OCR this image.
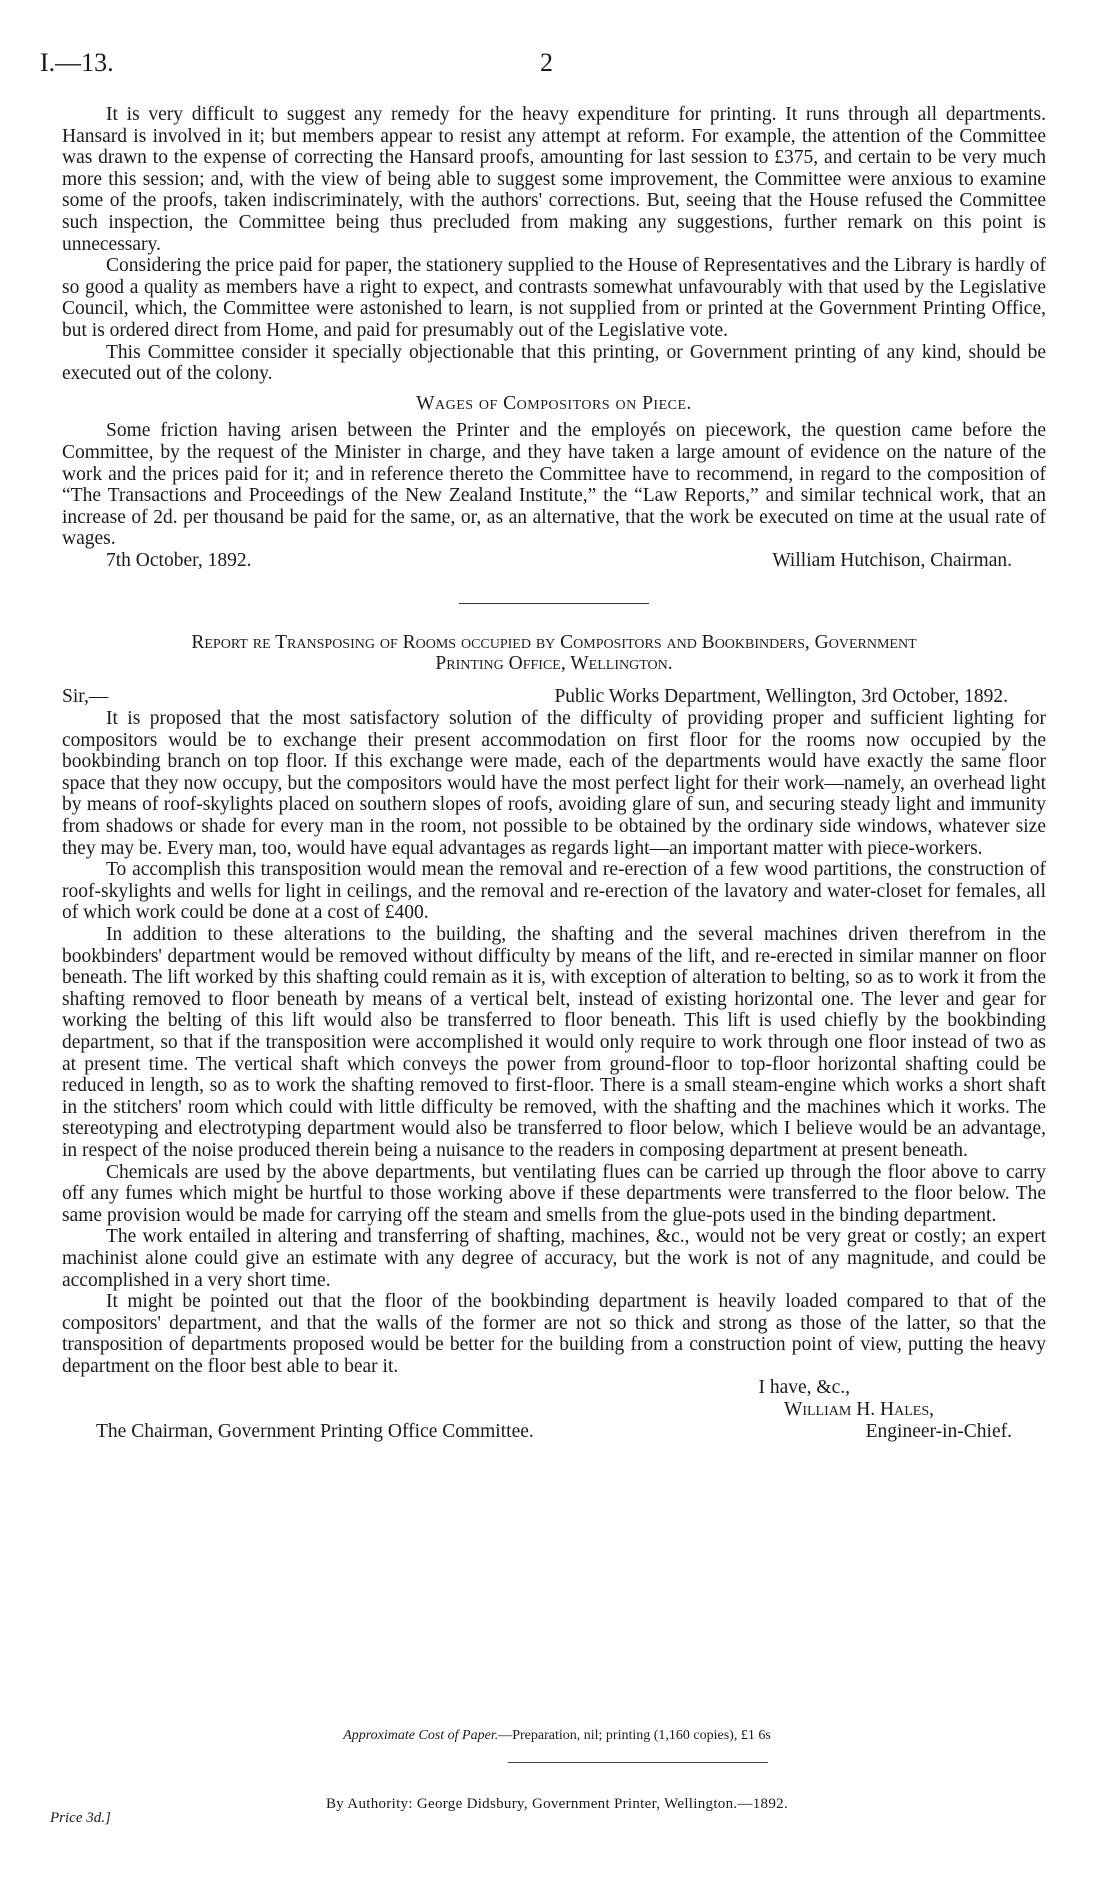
I.—13.	2

It is very difficult to suggest any remedy for the heavy expenditure for printing. It runs through all departments. Hansard is involved in it; but members appear to resist any attempt at reform. For example, the attention of the Committee was drawn to the expense of correcting the Hansard proofs, amounting for last session to £375, and certain to be very much more this session; and, with the view of being able to suggest some improvement, the Committee were anxious to examine some of the proofs, taken indiscriminately, with the authors' corrections. But, seeing that the House refused the Committee such inspection, the Committee being thus precluded from making any suggestions, further remark on this point is unnecessary.

Considering the price paid for paper, the stationery supplied to the House of Representatives and the Library is hardly of so good a quality as members have a right to expect, and contrasts somewhat unfavourably with that used by the Legislative Council, which, the Committee were astonished to learn, is not supplied from or printed at the Government Printing Office, but is ordered direct from Home, and paid for presumably out of the Legislative vote.

This Committee consider it specially objectionable that this printing, or Government printing of any kind, should be executed out of the colony.

Wages of Compositors on Piece.

Some friction having arisen between the Printer and the employés on piecework, the question came before the Committee, by the request of the Minister in charge, and they have taken a large amount of evidence on the nature of the work and the prices paid for it; and in reference thereto the Committee have to recommend, in regard to the composition of “The Transactions and Proceedings of the New Zealand Institute,” the “Law Reports,” and similar technical work, that an increase of 2d. per thousand be paid for the same, or, as an alternative, that the work be executed on time at the usual rate of wages.

7th October, 1892.	William Hutchison, Chairman.
Report re Transposing of Rooms occupied by Compositors and Bookbinders, Government
Printing Office, Wellington.
Sir,—	Public Works Department, Wellington, 3rd October, 1892.

It is proposed that the most satisfactory solution of the difficulty of providing proper and sufficient lighting for compositors would be to exchange their present accommodation on first floor for the rooms now occupied by the bookbinding branch on top floor. If this exchange were made, each of the departments would have exactly the same floor space that they now occupy, but the compositors would have the most perfect light for their work—namely, an overhead light by means of roof-skylights placed on southern slopes of roofs, avoiding glare of sun, and securing steady light and immunity from shadows or shade for every man in the room, not possible to be obtained by the ordinary side windows, whatever size they may be. Every man, too, would have equal advantages as regards light—an important matter with piece-workers.

To accomplish this transposition would mean the removal and re-erection of a few wood partitions, the construction of roof-skylights and wells for light in ceilings, and the removal and re-erection of the lavatory and water-closet for females, all of which work could be done at a cost of £400.

In addition to these alterations to the building, the shafting and the several machines driven therefrom in the bookbinders' department would be removed without difficulty by means of the lift, and re-erected in similar manner on floor beneath. The lift worked by this shafting could remain as it is, with exception of alteration to belting, so as to work it from the shafting removed to floor beneath by means of a vertical belt, instead of existing horizontal one. The lever and gear for working the belting of this lift would also be transferred to floor beneath. This lift is used chiefly by the bookbinding department, so that if the transposition were accomplished it would only require to work through one floor instead of two as at present time. The vertical shaft which conveys the power from ground-floor to top-floor horizontal shafting could be reduced in length, so as to work the shafting removed to first-floor. There is a small steam-engine which works a short shaft in the stitchers' room which could with little difficulty be removed, with the shafting and the machines which it works. The stereotyping and electrotyping department would also be transferred to floor below, which I believe would be an advantage, in respect of the noise produced therein being a nuisance to the readers in composing department at present beneath.

Chemicals are used by the above departments, but ventilating flues can be carried up through the floor above to carry off any fumes which might be hurtful to those working above if these departments were transferred to the floor below. The same provision would be made for carrying off the steam and smells from the glue-pots used in the binding department.

The work entailed in altering and transferring of shafting, machines, &c., would not be very great or costly; an expert machinist alone could give an estimate with any degree of accuracy, but the work is not of any magnitude, and could be accomplished in a very short time.

It might be pointed out that the floor of the bookbinding department is heavily loaded compared to that of the compositors' department, and that the walls of the former are not so thick and strong as those of the latter, so that the transposition of departments proposed would be better for the building from a construction point of view, putting the heavy department on the floor best able to bear it.

I have, &c.,
William H. Hales,
The Chairman, Government Printing Office Committee.	Engineer-in-Chief.
Approximate Cost of Paper.—Preparation, nil; printing (1,160 copies), £1 6s
By Authority: George Didsbury, Government Printer, Wellington.—1892.
Price 3d.]
